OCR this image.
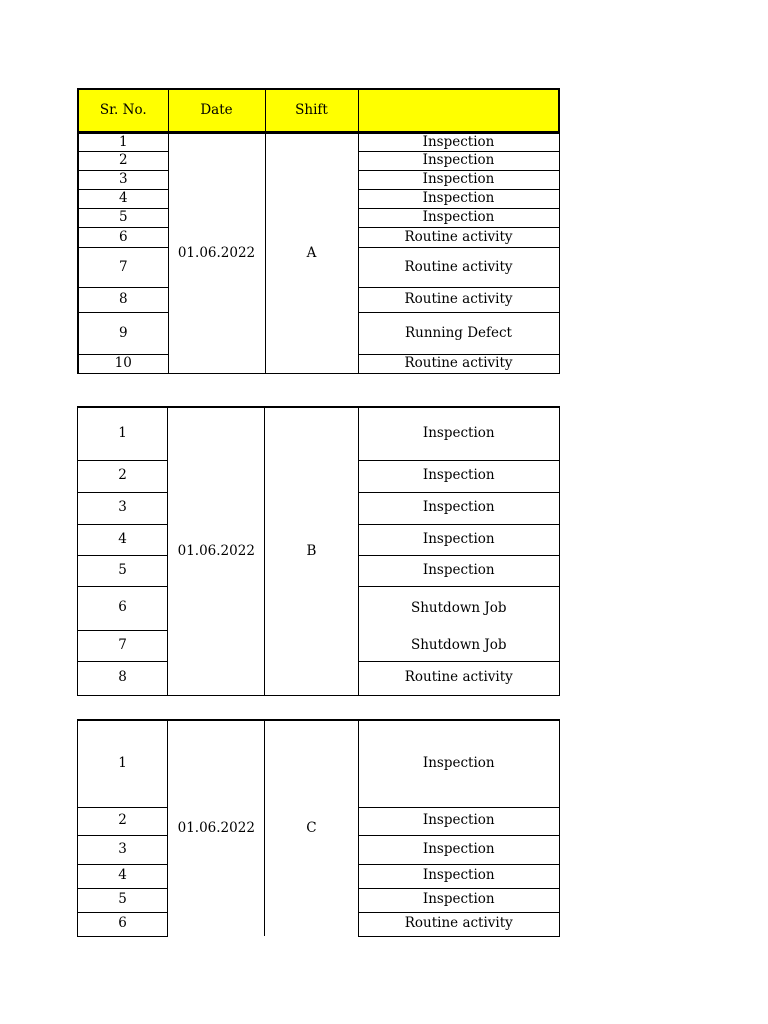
Sr. No.	Date	Shift	
1	01.06.2022	A	Inspection
2			Inspection
3			Inspection
4			Inspection
5			Inspection
6			Routine activity
7			Routine activity
8			Routine activity
9			Running Defect
10			Routine activity
1	01.06.2022	B	Inspection
2			Inspection
3			Inspection
4			Inspection
5			Inspection
6			Shutdown Job
7			Shutdown Job
8			Routine activity
1	01.06.2022	C	Inspection
2			Inspection
3			Inspection
4			Inspection
5			Inspection
6			Routine activity
